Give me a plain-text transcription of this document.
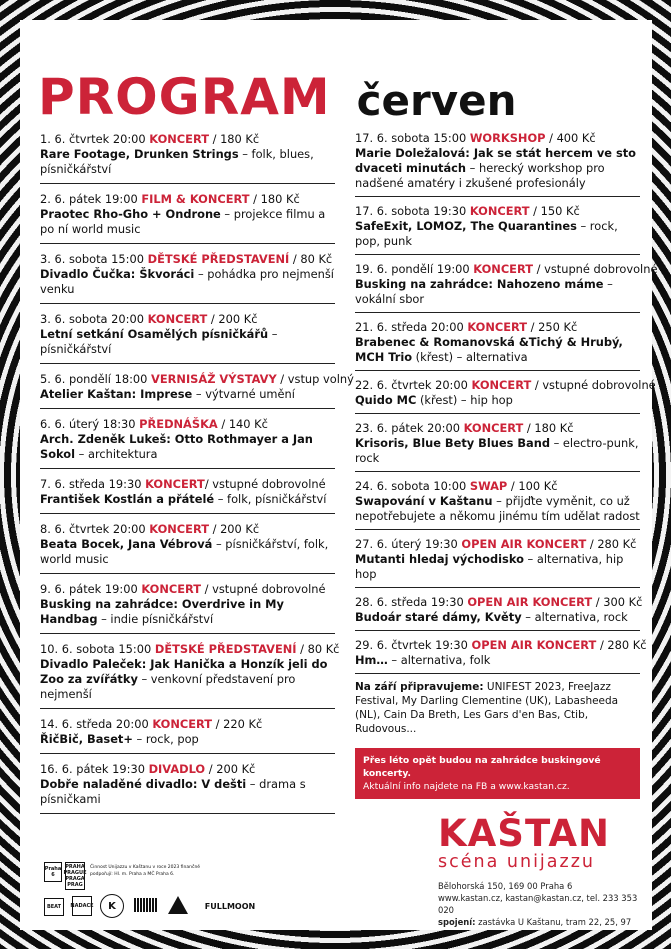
PROGRAM červen
1. 6. čtvrtek 20:00 KONCERT / 180 Kč
Rare Footage, Drunken Strings – folk, blues, písničkářství
2. 6. pátek 19:00 FILM & KONCERT / 180 Kč
Praotec Rho-Gho + Ondrone – projekce filmu a po ní world music
3. 6. sobota 15:00 DĚTSKÉ PŘEDSTAVENÍ / 80 Kč
Divadlo Čučka: Škvoráci – pohádka pro nejmenší venku
3. 6. sobota 20:00 KONCERT / 200 Kč
Letní setkání Osamělých písničkářů – písničkářství
5. 6. pondělí 18:00 VERNISÁŽ VÝSTAVY / vstup volný
Atelier Kaštan: Imprese – výtvarné umění
6. 6. úterý 18:30 PŘEDNÁŠKA / 140 Kč
Arch. Zdeněk Lukeš: Otto Rothmayer a Jan Sokol – architektura
7. 6. středa 19:30 KONCERT/ vstupné dobrovolné
František Kostlán a přátelé – folk, písničkářství
8. 6. čtvrtek 20:00 KONCERT / 200 Kč
Beata Bocek, Jana Vébrová – písničkářství, folk, world music
9. 6. pátek 19:00 KONCERT / vstupné dobrovolné
Busking na zahrádce: Overdrive in My Handbag – indie písničkářství
10. 6. sobota 15:00 DĚTSKÉ PŘEDSTAVENÍ / 80 Kč
Divadlo Paleček: Jak Hanička a Honzík jeli do Zoo za zvířátky – venkovní představení pro nejmenší
14. 6. středa 20:00 KONCERT / 220 Kč
ŘičBič, Baset+ – rock, pop
16. 6. pátek 19:30 DIVADLO / 200 Kč
Dobře naladěné divadlo: V dešti – drama s písničkami
17. 6. sobota 15:00 WORKSHOP / 400 Kč
Marie Doležalová: Jak se stát hercem ve sto dvaceti minutách – herecký workshop pro nadšené amatéry i zkušené profesionály
17. 6. sobota 19:30 KONCERT / 150 Kč
SafeExit, LOMOZ, The Quarantines – rock, pop, punk
19. 6. pondělí 19:00 KONCERT / vstupné dobrovolné
Busking na zahrádce: Nahozeno máme – vokální sbor
21. 6. středa 20:00 KONCERT / 250 Kč
Brabenec & Romanovská &Tichý & Hrubý, MCH Trio (křest) – alternativa
22. 6. čtvrtek 20:00 KONCERT / vstupné dobrovolné
Quido MC (křest) – hip hop
23. 6. pátek 20:00 KONCERT / 180 Kč
Krisoris, Blue Bety Blues Band – electro-punk, rock
24. 6. sobota 10:00 SWAP / 100 Kč
Swapování v Kaštanu – přijďte vyměnit, co už nepotřebujete a někomu jinému tím udělat radost
27. 6. úterý 19:30 OPEN AIR KONCERT / 280 Kč
Mutanti hledaj východisko – alternativa, hip hop
28. 6. středa 19:30 OPEN AIR KONCERT / 300 Kč
Budoár staré dámy, Květy – alternativa, rock
29. 6. čtvrtek 19:30 OPEN AIR KONCERT / 280 Kč
Hm… – alternativa, folk
Na září připravujeme: UNIFEST 2023, FreeJazz Festival, My Darling Clementine (UK), Labasheeda (NL), Cain Da Breth, Les Gars d'en Bas, Ctib, Rudovous...
Přes léto opět budou na zahrádce buskingové koncerty.
Aktuální info najdete na FB a www.kastan.cz.
KAŠTAN
scéna unijazzu
Bělohorská 150, 169 00 Praha 6
www.kastan.cz, kastan@kastan.cz, tel. 233 353 020
spojení: zastávka U Kaštanu, tram 22, 25, 97
Praha 6
PRAHA PRAGUE PRAGA PRAG
Činnost Unijazzu v Kaštanu v roce 2023 finančně podpořují: Hl. m. Praha a MČ Praha 6.
BEAT	NADACE	K	FULLMOON
